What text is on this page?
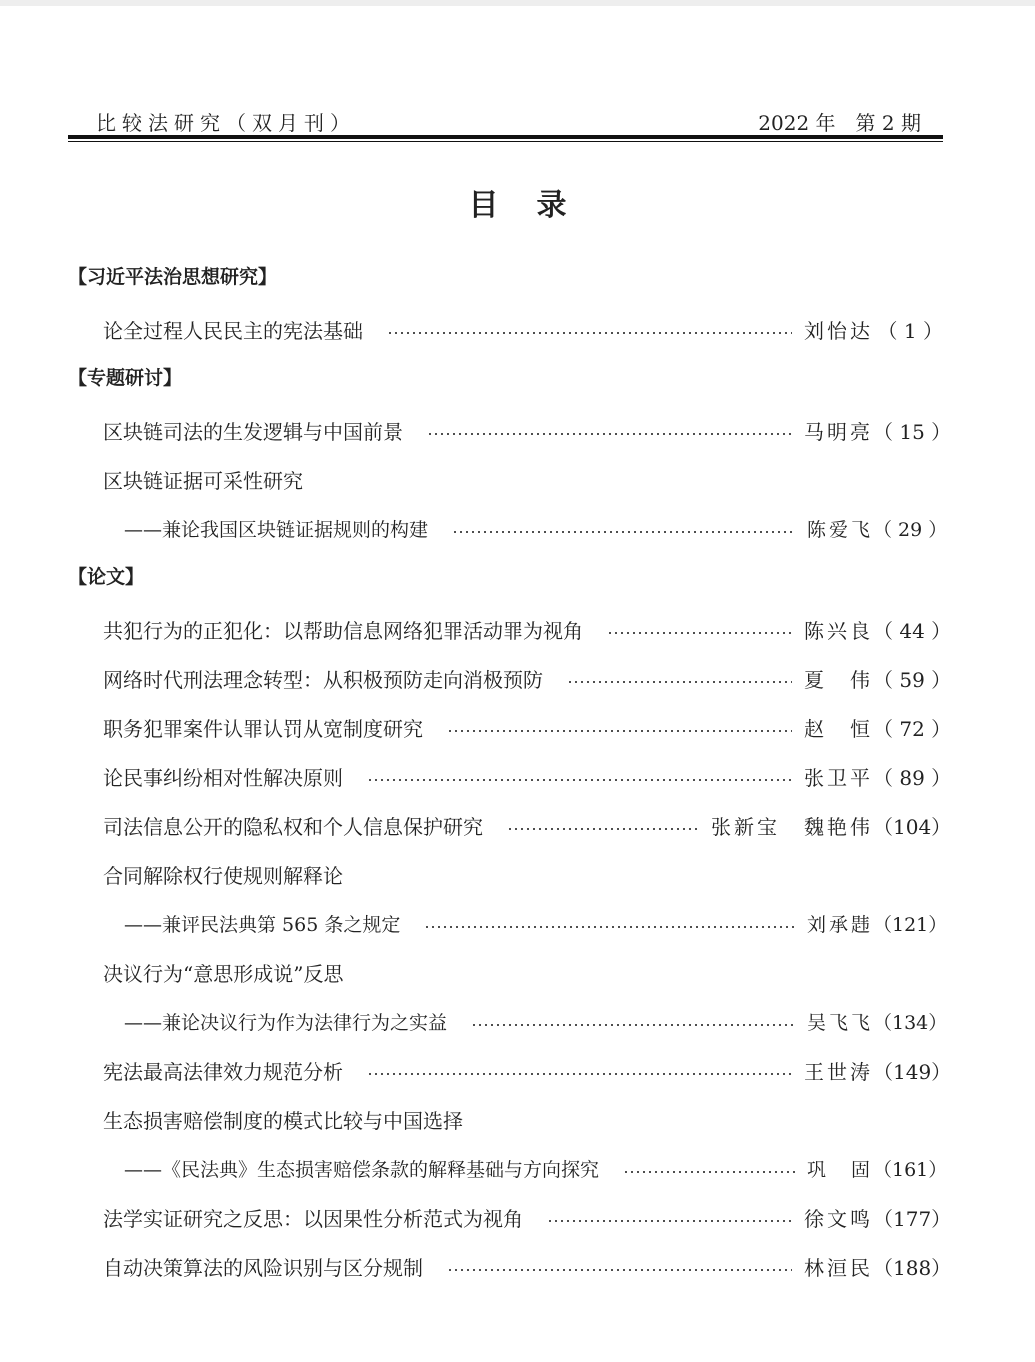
比较法研究（双月刊）	2022 年　第 2 期
目录
【习近平法治思想研究】
论全过程人民民主的宪法基础	刘怡达 （ 1 ）
【专题研讨】
区块链司法的生发逻辑与中国前景	马明亮 （ 15 ）
区块链证据可采性研究
——兼论我国区块链证据规则的构建	陈爱飞 （ 29 ）
【论文】
共犯行为的正犯化：以帮助信息网络犯罪活动罪为视角	陈兴良 （ 44 ）
网络时代刑法理念转型：从积极预防走向消极预防	夏　伟 （ 59 ）
职务犯罪案件认罪认罚从宽制度研究	赵　恒 （ 72 ）
论民事纠纷相对性解决原则	张卫平 （ 89 ）
司法信息公开的隐私权和个人信息保护研究	张新宝 魏艳伟 （104）
合同解除权行使规则解释论
——兼评民法典第 565 条之规定	刘承韪 （121）
决议行为“意思形成说”反思
——兼论决议行为作为法律行为之实益	吴飞飞 （134）
宪法最高法律效力规范分析	王世涛 （149）
生态损害赔偿制度的模式比较与中国选择
——《民法典》生态损害赔偿条款的解释基础与方向探究	巩　固 （161）
法学实证研究之反思：以因果性分析范式为视角	徐文鸣 （177）
自动决策算法的风险识别与区分规制	林洹民 （188）
